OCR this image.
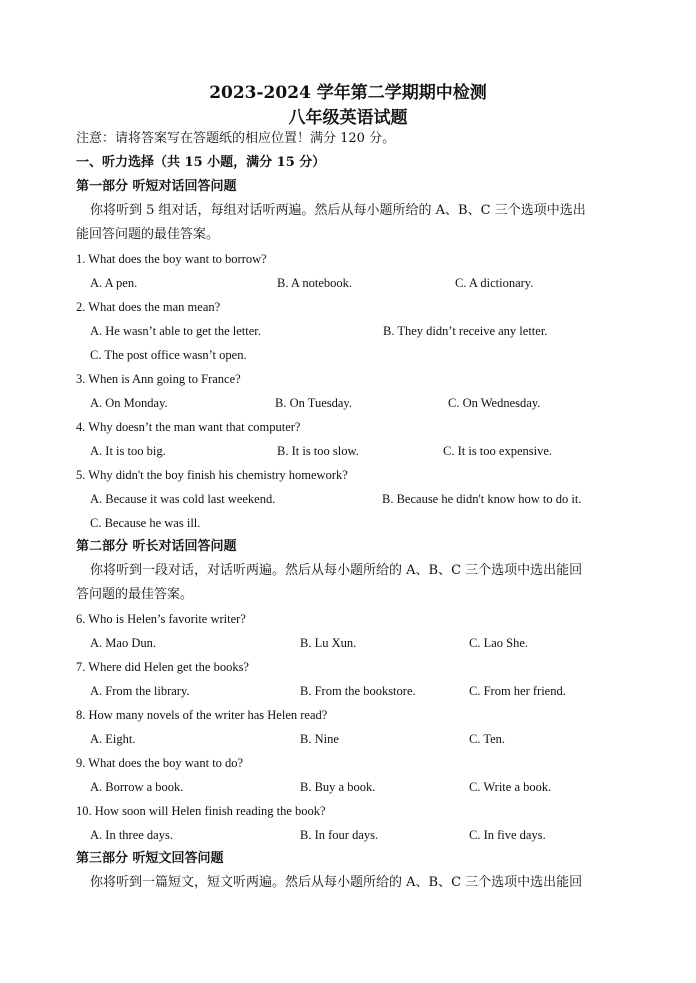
2023-2024 学年第二学期期中检测
八年级英语试题
注意：请将答案写在答题纸的相应位置！满分 120 分。
一、听力选择（共 15 小题，满分 15 分）
第一部分 听短对话回答问题
你将听到 5 组对话，每组对话听两遍。然后从每小题所给的 A、B、C 三个选项中选出
能回答问题的最佳答案。
1. What does the boy want to borrow?
A. A pen.	B. A notebook.	C. A dictionary.
2. What does the man mean?
A. He wasn’t able to get the letter.	B. They didn’t receive any letter.
C. The post office wasn’t open.
3. When is Ann going to France?
A. On Monday.	B. On Tuesday.	C. On Wednesday.
4. Why doesn’t the man want that computer?
A. It is too big.	B. It is too slow.	C. It is too expensive.
5. Why didn't the boy finish his chemistry homework?
A. Because it was cold last weekend.	B. Because he didn't know how to do it.
C. Because he was ill.
第二部分 听长对话回答问题
你将听到一段对话，对话听两遍。然后从每小题所给的 A、B、C 三个选项中选出能回
答问题的最佳答案。
6. Who is Helen’s favorite writer?
A. Mao Dun.	B. Lu Xun.	C. Lao She.
7. Where did Helen get the books?
A. From the library.	B. From the bookstore.	C. From her friend.
8. How many novels of the writer has Helen read?
A. Eight.	B. Nine	C. Ten.
9. What does the boy want to do?
A. Borrow a book.	B. Buy a book.	C. Write a book.
10. How soon will Helen finish reading the book?
A. In three days.	B. In four days.	C. In five days.
第三部分 听短文回答问题
你将听到一篇短文，短文听两遍。然后从每小题所给的 A、B、C 三个选项中选出能回
